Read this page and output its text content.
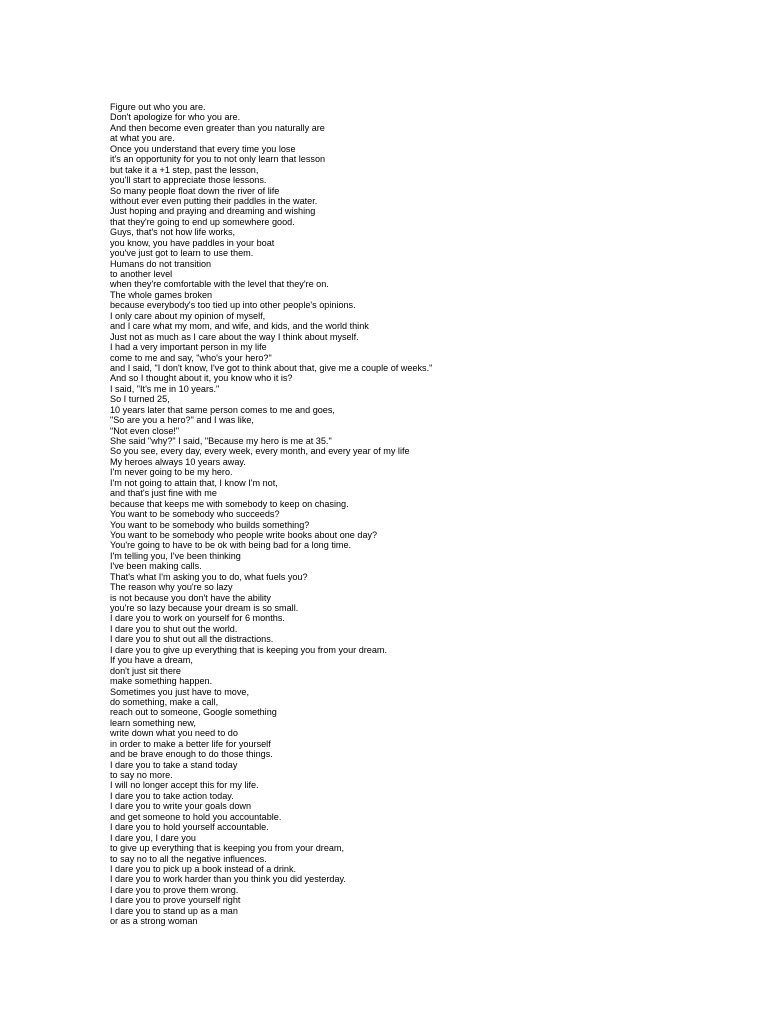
Figure out who you are.
Don't apologize for who you are.
And then become even greater than you naturally are
at what you are.
Once you understand that every time you lose
it's an opportunity for you to not only learn that lesson
but take it a +1 step, past the lesson,
you'll start to appreciate those lessons.
So many people float down the river of life
without ever even putting their paddles in the water.
Just hoping and praying and dreaming and wishing
that they're going to end up somewhere good.
Guys, that's not how life works,
you know, you have paddles in your boat
you've just got to learn to use them.
Humans do not transition
to another level
when they're comfortable with the level that they're on.
The whole games broken
because everybody's too tied up into other people's opinions.
I only care about my opinion of myself,
and I care what my mom, and wife, and kids, and the world think
Just not as much as I care about the way I think about myself.
I had a very important person in my life
come to me and say, "who's your hero?"
and I said, "I don't know, I've got to think about that, give me a couple of weeks."
And so I thought about it, you know who it is?
I said, "It's me in 10 years."
So I turned 25,
10 years later that same person comes to me and goes,
"So are you a hero?" and I was like,
"Not even close!"
She said "why?" I said, "Because my hero is me at 35."
So you see, every day, every week, every month, and every year of my life
My heroes always 10 years away.
I'm never going to be my hero.
I'm not going to attain that, I know I'm not,
and that's just fine with me
because that keeps me with somebody to keep on chasing.
You want to be somebody who succeeds?
You want to be somebody who builds something?
You want to be somebody who people write books about one day?
You're going to have to be ok with being bad for a long time.
I'm telling you, I've been thinking
I've been making calls.
That's what I'm asking you to do, what fuels you?
The reason why you're so lazy
is not because you don't have the ability
you're so lazy because your dream is so small.
I dare you to work on yourself for 6 months.
I dare you to shut out the world.
I dare you to shut out all the distractions.
I dare you to give up everything that is keeping you from your dream.
If you have a dream,
don't just sit there
make something happen.
Sometimes you just have to move,
do something, make a call,
reach out to someone, Google something
learn something new,
write down what you need to do
in order to make a better life for yourself
and be brave enough to do those things.
I dare you to take a stand today
to say no more.
I will no longer accept this for my life.
I dare you to take action today.
I dare you to write your goals down
and get someone to hold you accountable.
I dare you to hold yourself accountable.
I dare you, I dare you
to give up everything that is keeping you from your dream,
to say no to all the negative influences.
I dare you to pick up a book instead of a drink.
I dare you to work harder than you think you did yesterday.
I dare you to prove them wrong.
I dare you to prove yourself right
I dare you to stand up as a man
or as a strong woman
